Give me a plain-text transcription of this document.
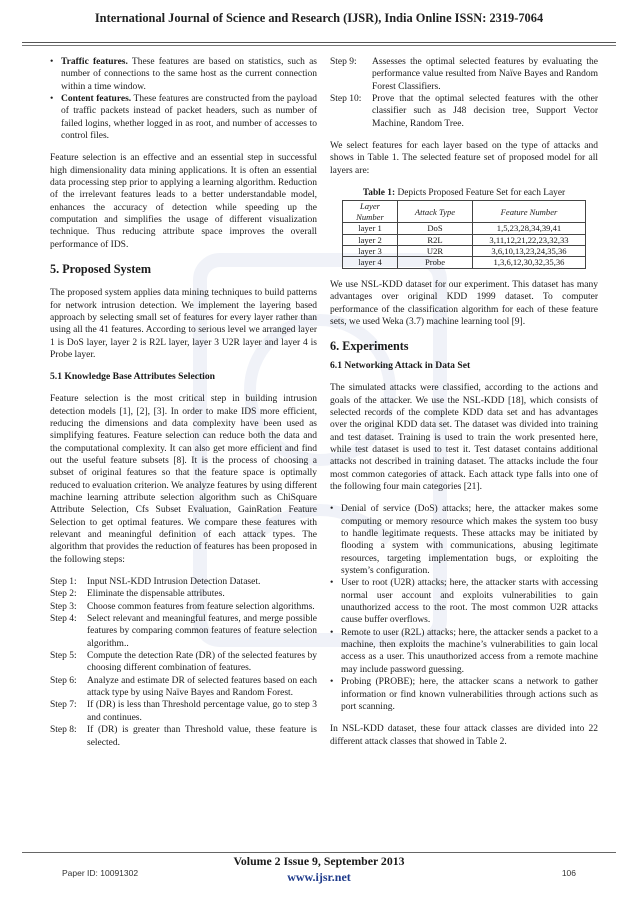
International Journal of Science and Research (IJSR), India Online ISSN: 2319-7064
• Traffic features. These features are based on statistics, such as number of connections to the same host as the current connection within a time window.
• Content features. These features are constructed from the payload of traffic packets instead of packet headers, such as number of failed logins, whether logged in as root, and number of accesses to control files.

Feature selection is an effective and an essential step in successful high dimensionality data mining applications. It is often an essential data processing step prior to applying a learning algorithm. Reduction of the irrelevant features leads to a better understandable model, enhances the accuracy of detection while speeding up the computation and simplifies the usage of different visualization technique. Thus reducing attribute space improves the overall performance of IDS.

5. Proposed System

The proposed system applies data mining techniques to build patterns for network intrusion detection. We implement the layering based approach by selecting small set of features for every layer rather than using all the 41 features. According to serious level we arranged layer 1 is DoS layer, layer 2 is R2L layer, layer 3 U2R layer and layer 4 is Probe layer.

5.1 Knowledge Base Attributes Selection

Feature selection is the most critical step in building intrusion detection models [1], [2], [3]. In order to make IDS more efficient, reducing the dimensions and data complexity have been used as simplifying features. Feature selection can reduce both the data and the computational complexity. It can also get more efficient and find out the useful feature subsets [8]. It is the process of choosing a subset of original features so that the feature space is optimally reduced to evaluation criterion. We analyze features by using different machine learning attribute selection algorithm such as ChiSquare Attribute Selection, Cfs Subset Evaluation, GainRation Feature Selection to get optimal features. We compare these features with relevant and meaningful definition of each attack types. The algorithm that provides the reduction of features has been proposed in the following steps:

Step 1: Input NSL-KDD Intrusion Detection Dataset.
Step 2: Eliminate the dispensable attributes.
Step 3: Choose common features from feature selection algorithms.
Step 4: Select relevant and meaningful features, and merge possible features by comparing common features of feature selection algorithm..
Step 5: Compute the detection Rate (DR) of the selected features by choosing different combination of features.
Step 6: Analyze and estimate DR of selected features based on each attack type by using Naïve Bayes and Random Forest.
Step 7: If (DR) is less than Threshold percentage value, go to step 3 and continues.
Step 8: If (DR) is greater than Threshold value, these feature is selected.
Step 9: Assesses the optimal selected features by evaluating the performance value resulted from Naïve Bayes and Random Forest Classifiers.
Step 10: Prove that the optimal selected features with the other classifier such as J48 decision tree, Support Vector Machine, Random Tree.

We select features for each layer based on the type of attacks and shows in Table 1. The selected feature set of proposed model for all layers are:

Table 1: Depicts Proposed Feature Set for each Layer

Layer Number	Attack Type	Feature Number
layer 1	DoS	1,5,23,28,34,39,41
layer 2	R2L	3,11,12,21,22,23,32,33
layer 3	U2R	3,6,10,13,23,24,35,36
layer 4	Probe	1,3,6,12,30,32,35,36

We use NSL-KDD dataset for our experiment. This dataset has many advantages over original KDD 1999 dataset. To computer performance of the classification algorithm for each of these feature sets, we used Weka (3.7) machine learning tool [9].

6. Experiments

6.1 Networking Attack in Data Set

The simulated attacks were classified, according to the actions and goals of the attacker. We use the NSL-KDD [18], which consists of selected records of the complete KDD data set and has advantages over the original KDD data set. The dataset was divided into training and test dataset. Training is used to train the work presented here, while test dataset is used to test it. Test dataset contains additional attacks not described in training dataset. The attacks include the four most common categories of attack. Each attack type falls into one of the following four main categories [21].

• Denial of service (DoS) attacks; here, the attacker makes some computing or memory resource which makes the system too busy to handle legitimate requests. These attacks may be initiated by flooding a system with communications, abusing legitimate resources, targeting implementation bugs, or exploiting the system’s configuration.
• User to root (U2R) attacks; here, the attacker starts with accessing normal user account and exploits vulnerabilities to gain unauthorized access to the root. The most common U2R attacks cause buffer overflows.
• Remote to user (R2L) attacks; here, the attacker sends a packet to a machine, then exploits the machine’s vulnerabilities to gain local access as a user. This unauthorized access from a remote machine may include password guessing.
• Probing (PROBE); here, the attacker scans a network to gather information or find known vulnerabilities through actions such as port scanning.

In NSL-KDD dataset, these four attack classes are divided into 22 different attack classes that showed in Table 2.

Volume 2 Issue 9, September 2013
www.ijsr.net
Paper ID: 10091302	106
